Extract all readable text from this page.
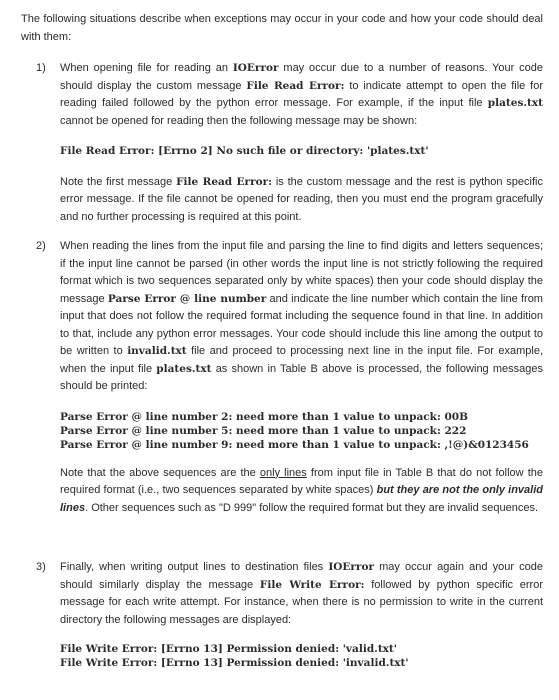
The following situations describe when exceptions may occur in your code and how your code should deal with them:

1)	When opening file for reading an IOError may occur due to a number of reasons. Your code should display the custom message File Read Error: to indicate attempt to open the file for reading failed followed by the python error message. For example, if the input file plates.txt cannot be opened for reading then the following message may be shown:

File Read Error: [Errno 2] No such file or directory: 'plates.txt'

Note the first message File Read Error: is the custom message and the rest is python specific error message. If the file cannot be opened for reading, then you must end the program gracefully and no further processing is required at this point.

2)	When reading the lines from the input file and parsing the line to find digits and letters sequences; if the input line cannot be parsed (in other words the input line is not strictly following the required format which is two sequences separated only by white spaces) then your code should display the message Parse Error @ line number and indicate the line number which contain the line from input that does not follow the required format including the sequence found in that line. In addition to that, include any python error messages. Your code should include this line among the output to be written to invalid.txt file and proceed to processing next line in the input file. For example, when the input file plates.txt as shown in Table B above is processed, the following messages should be printed:

Parse Error @ line number 2: need more than 1 value to unpack: 00B
Parse Error @ line number 5: need more than 1 value to unpack: 222
Parse Error @ line number 9: need more than 1 value to unpack: ,!@)&0123456

Note that the above sequences are the only lines from input file in Table B that do not follow the required format (i.e., two sequences separated by white spaces) but they are not the only invalid lines. Other sequences such as "D 999" follow the required format but they are invalid sequences.

3)	Finally, when writing output lines to destination files IOError may occur again and your code should similarly display the message File Write Error: followed by python specific error message for each write attempt. For instance, when there is no permission to write in the current directory the following messages are displayed:

File Write Error: [Errno 13] Permission denied: 'valid.txt'
File Write Error: [Errno 13] Permission denied: 'invalid.txt'
